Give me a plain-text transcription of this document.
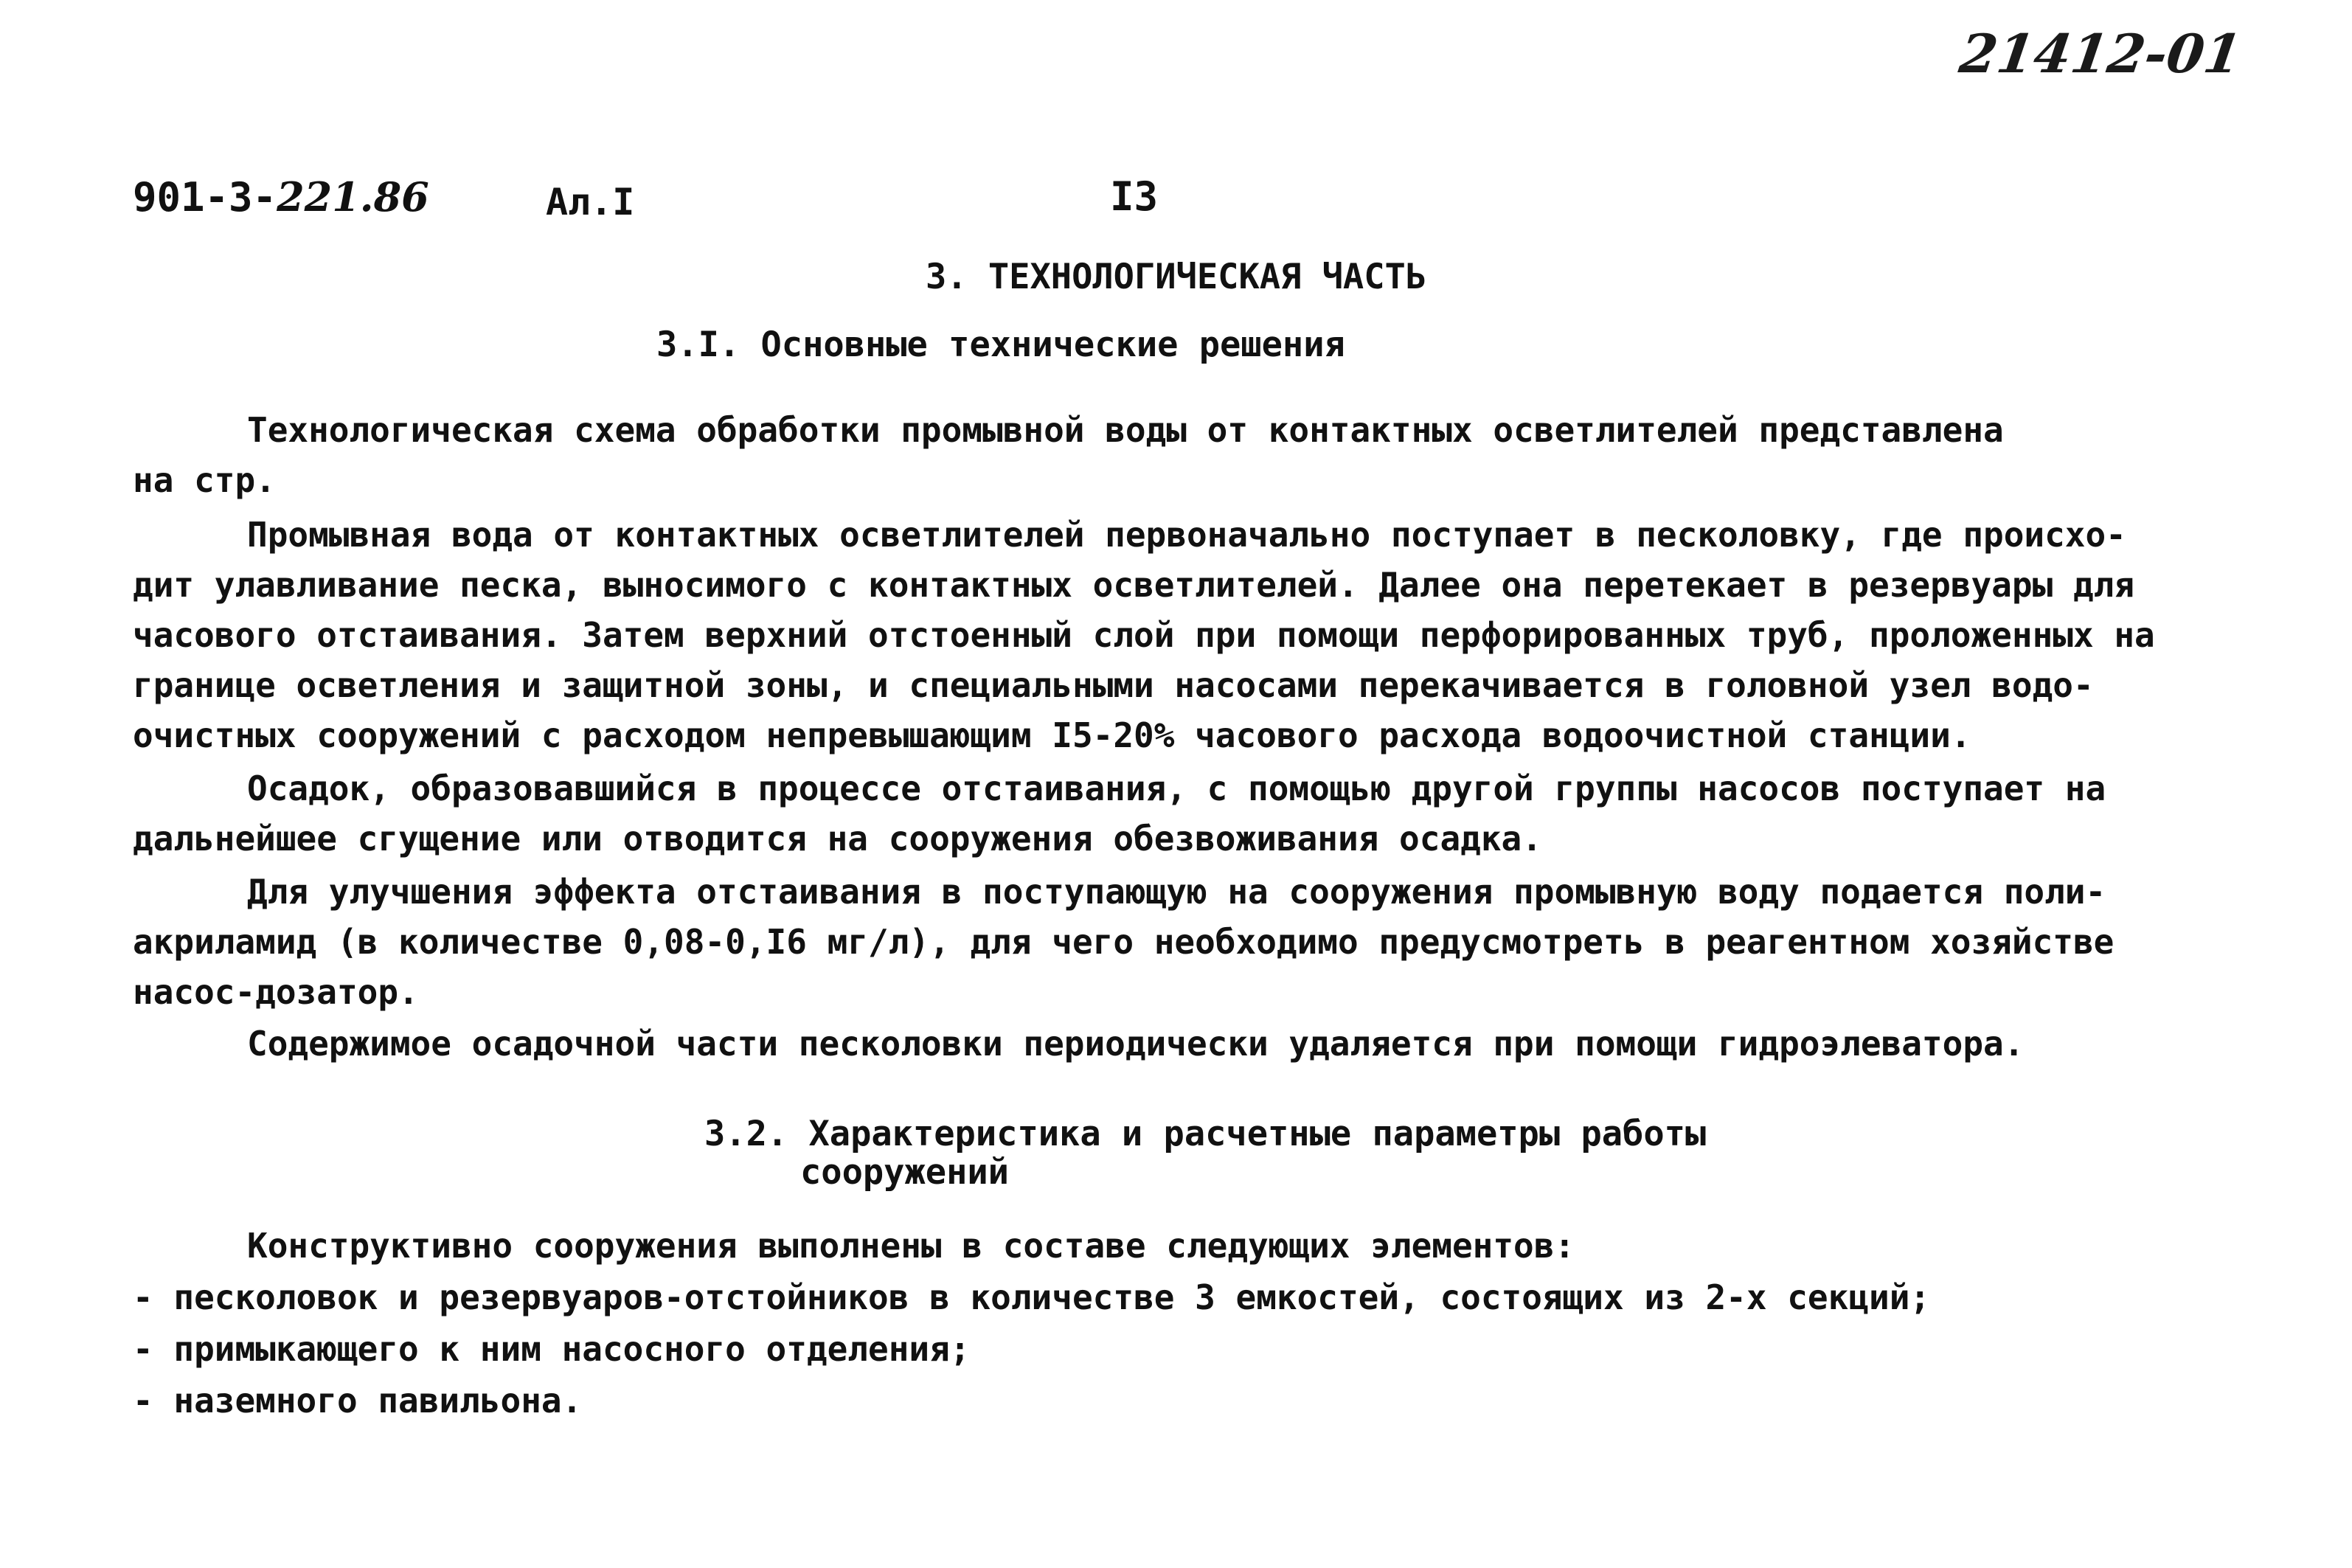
21412-01
901-3-221.86	Ал.I	I3
3. ТЕХНОЛОГИЧЕСКАЯ ЧАСТЬ
3.I. Основные технические решения
Технологическая схема обработки промывной воды от контактных осветлителей представлена
на стр.
Промывная вода от контактных осветлителей первоначально поступает в песколовку, где происхо-
дит улавливание песка, выносимого с контактных осветлителей. Далее она перетекает в резервуары для
часового отстаивания. Затем верхний отстоенный слой при помощи перфорированных труб, проложенных на
границе осветления и защитной зоны, и специальными насосами перекачивается в головной узел водо-
очистных сооружений с расходом непревышающим I5-20% часового расхода водоочистной станции.
Осадок, образовавшийся в процессе отстаивания, с помощью другой группы насосов поступает на
дальнейшее сгущение или отводится на сооружения обезвоживания осадка.
Для улучшения эффекта отстаивания в поступающую на сооружения промывную воду подается поли-
акриламид (в количестве 0,08-0,I6 мг/л), для чего необходимо предусмотреть в реагентном хозяйстве
насос-дозатор.
Содержимое осадочной части песколовки периодически удаляется при помощи гидроэлеватора.
3.2. Характеристика и расчетные параметры работы
сооружений
Конструктивно сооружения выполнены в составе следующих элементов:
- песколовок и резервуаров-отстойников в количестве 3 емкостей, состоящих из 2-х секций;
- примыкающего к ним насосного отделения;
- наземного павильона.
